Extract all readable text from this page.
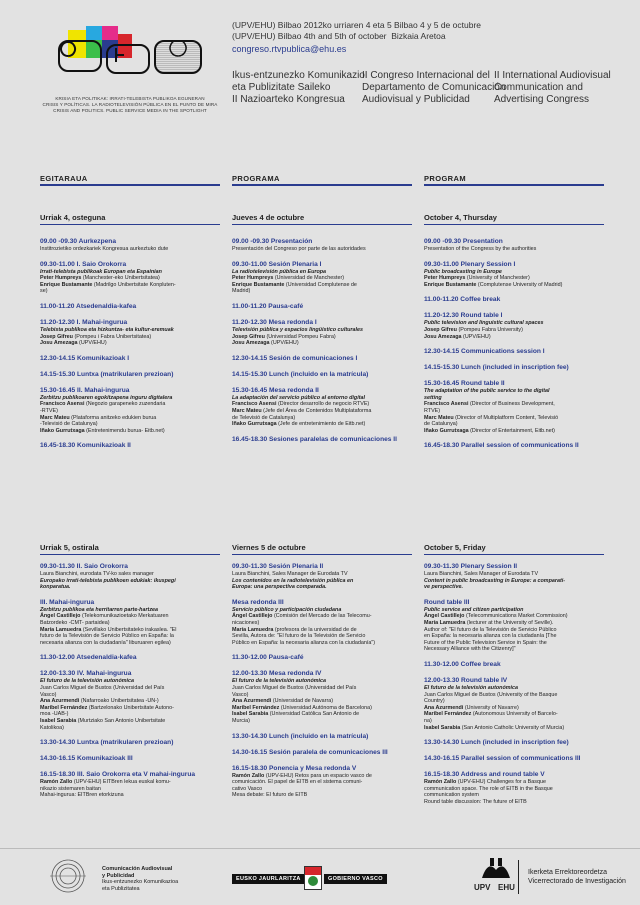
KRISIA ETA POLITIKAK: IRRATI-TELEBISTA PUBLIKOA EGUNERAN
CRISIS Y POLÍTICAS. LA RADIOTELEVISIÓN PÚBLICA EN EL PUNTO DE MIRA
CRISIS AND POLITICS. PUBLIC SERVICE MEDIA IN THE SPOTLIGHT
(UPV/EHU) Bilbao 2012ko urriaren 4 eta 5 Bilbao 4 y 5 de octubre
(UPV/EHU) Bilbao 4th and 5th of october Bizkaia Aretoa
congreso.rtvpublica@ehu.es
Ikus-entzunezko Komunikazio
eta Publizitate Saileko
II Nazioarteko Kongresua
II Congreso Internacional del
Departamento de Comunicación
Audiovisual y Publicidad
II International Audiovisual
Communication and
Advertising Congress
EGITARAUA	PROGRAMA	PROGRAM
Urriak 4, osteguna	Jueves 4 de octubre	October 4, Thursday
09.00 -09.30 Aurkezpena
Institrozietiko ordezkariek Kongresua aurkeztuko dute
09.30-11.00 I. Saio Orokorra
Irrati-telebista publikoak Europan eta Espainian
Peter Humpreys (Manchester-eko Unibertsitatea)
Enrique Bustamante (Madrilgo Unibertsitate Konpluten-
se)
11.00-11.20 Atsedenaldia-kafea
11.20-12.30 I. Mahai-ingurua
Telebista publikoa eta hizkuntza- eta kultur-eremuak
Josep Gifreu (Pompeu i Fabra Unibertsitatea)
Josu Amezaga (UPV/EHU)
12.30-14.15 Komunikazioak I
14.15-15.30 Luntxa (matrikularen prezioan)
15.30-16.45 II. Mahai-ingurua
Zerbitzu publikoaren egokitzapena inguru digitalera
Francisco Asensi (Negozio garapeneko zuzendaria
-RTVE)
Marc Mateu (Plataforma anitzeko edukien burua
-Televisió de Catalunya)
Iñako Gurrutxaga (Entretenimendu burua- Eitb.net)
16.45-18.30 Komunikazioak II
09.00 -09.30 Presentación
Presentación del Congreso por parte de las autoridades
09.30-11.00 Sesión Plenaria I
La radiotelevisión pública en Europa
Peter Humpreys (Universidad de Manchester)
Enrique Bustamante (Universidad Complutense de
Madrid)
11.00-11.20 Pausa-café
11.20-12.30 Mesa redonda I
Televisión pública y espacios lingüístico culturales
Josep Gifreu (Universidad Pompeu Fabra)
Josu Amezaga (UPV/EHU)
12.30-14.15 Sesión de comunicaciones I
14.15-15.30 Lunch (incluido en la matrícula)
15.30-16.45 Mesa redonda II
La adaptación del servicio público al entorno digital
Francisco Asensi (Director desarrollo de negocio RTVE)
Marc Mateu (Jefe del Área de Contenidos Multiplataforma
de Televisió de Catalunya)
Iñako Gurrutxaga (Jefe de entretenimiento de Eitb.net)
16.45-18.30 Sesiones paralelas de comunicaciones II
09.00 -09.30 Presentation
Presentation of the Congress by the authorities
09.30-11.00 Plenary Session I
Public broadcasting in Europe
Peter Humpreys (University of Manchester)
Enrique Bustamante (Complutense University of Madrid)
11.00-11.20 Coffee break
11.20-12.30 Round table I
Public television and linguistic cultural spaces
Josep Gifreu (Pompeu Fabra University)
Josu Amezaga (UPV/EHU)
12.30-14.15 Communications session I
14.15-15.30 Lunch (included in inscription fee)
15.30-16.45 Round table II
The adaptation of the public service to the digital
setting
Francisco Asensi (Director of Business Development,
RTVE)
Marc Mateu (Director of Multiplatform Content, Televisió
de Catalunya)
Iñako Gurrutxaga (Director of Entertainment, Eitb.net)
16.45-18.30 Parallel session of communications II
Urriak 5, ostirala	Viernes 5 de octubre	October 5, Friday
09.30-11.30 II. Saio Orokorra
Laura Bianchini, eurodata TV-ko sales manager
Europako irrati-telebista publikoen edukiak: ikuspegi
konparatua.
III. Mahai-ingurua
Zerbitzu publikoa eta herritarren parte-hartzea
Ángel Castillejo (Telekomunikazioetako Merkatuaren
Batzordeko -CMT- partaidea)
María Lamuedra (Sevillako Unibertsitateko irakaslea. "El
futuro de la Televisión de Servicio Público en España: la
necesaria alianza con la ciudadanía" liburuaren egilea)
11.30-12.00 Atsedenaldia-kafea
12.00-13.30 IV. Mahai-ingurua
El futuro de la televisión autonómica
Juan Carlos Miguel de Bustos (Universidad del País
Vasco)
Ana Azurmendi (Nafarroako Unibertsitatea -UN-)
Maribel Fernández (Bartzelonako Unibertsitate Autono-
moa -UAB-)
Isabel Sarabia (Murtziako San Antonio Unibertsitate
Katolikoa)
13.30-14.30 Luntxa (matrikularen prezioan)
14.30-16.15 Komunikazioak III
16.15-18.30 III. Saio Orokorra eta V mahai-ingurua
Ramón Zallo (UPV-EHU) EITBren lekua euskal komu-
nikazio sistemaren baitan
Mahai-ingurua: EITBren etorkizuna
09.30-11.30 Sesión Plenaria II
Laura Bianchini, Sales Manager de Eurodata TV
Los contenidos en la radiotelevisión pública en
Europa: una perspectiva comparada.
Mesa redonda III
Servicio público y participación ciudadana
Ángel Castillejo (Comisión del Mercado de las Telecomu-
nicaciones)
María Lamuedra (profesora de la universidad de de
Sevilla, Autora de: "El futuro de la Televisión de Servicio
Público en España: la necesaria alianza con la ciudadanía")
11.30-12.00 Pausa-café
12.00-13.30 Mesa redonda IV
El futuro de la televisión autonómica
Juan Carlos Miguel de Bustos (Universidad del País
Vasco)
Ana Azurmendi (Universidad de Navarra)
Maribel Fernández (Universidad Autónoma de Barcelona)
Isabel Sarabia (Universidad Católica San Antonio de
Murcia)
13.30-14.30 Lunch (incluido en la matrícula)
14.30-16.15 Sesión paralela de comunicaciones III
16.15-18.30 Ponencia y Mesa redonda V
Ramón Zallo (UPV-EHU) Retos para un espacio vasco de
comunicación. El papel de EITB en el sistema comuni-
cativo Vasco
Mesa debate: El futuro de EITB
09.30-11.30 Plenary Session II
Laura Bianchini, Sales Manager of Eurodata TV
Content in public broadcasting in Europe: a comparati-
ve perspective.
Round table III
Public service and citizen participation
Ángel Castillejo (Telecommunications Market Commission)
María Lamuedra (lecturer at the University of Seville).
Author of: "El futuro de la Televisión de Servicio Público
en España: la necesaria alianza con la ciudadanía [The
Future of the Public Television Service in Spain: the
Necessary Alliance with the Citizenry]"
11.30-12.00 Coffee break
12.00-13.30 Round table IV
El futuro de la televisión autonómica
Juan Carlos Miguel de Bustos (University of the Basque
Country)
Ana Azurmendi (University of Navarre)
Maribel Fernández (Autonomous University of Barcelo-
na)
Isabel Sarabia (San Antonio Catholic University of Murcia)
13.30-14.30 Lunch (included in inscription fee)
14.30-16.15 Parallel session of communications III
16.15-18.30 Address and round table V
Ramón Zallo (UPV-EHU) Challenges for a Basque
communication space. The role of EITB in the Basque
communication system
Round table discussion: The future of EITB
Comunicación Audiovisual
y Publicidad
Ikus-entzunezko Komunikazioa
eta Publizitatea
EUSKO JAURLARITZA	GOBIERNO VASCO
UPV EHU
Ikerketa Errektoreordetza
Vicerrectorado de Investigación
